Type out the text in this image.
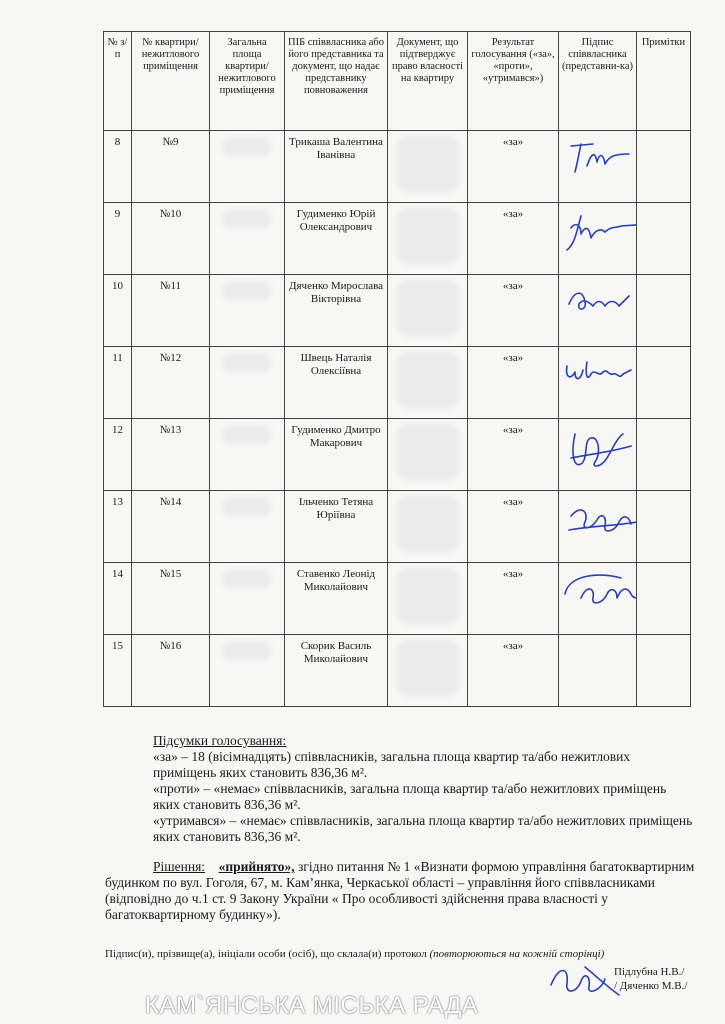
№ з/п	№ квартири/ нежитлового приміщення	Загальна площа квартири/ нежитлового приміщення	ПІБ співвласника або його представника та документ, що надає представнику повноваження	Документ, що підтверджує право власності на квартиру	Результат голосування («за», «проти», «утримався»)	Підпис співвласника (представни-ка)	Примітки
8	№9		Трикаша Валентина Іванівна		«за»	

9	№10		Гудименко Юрій Олександрович		«за»	

10	№11		Дяченко Мирослава Вікторівна		«за»	

11	№12		Швець Наталія Олексіївна		«за»	

12	№13		Гудименко Дмитро Макарович		«за»	

13	№14		Ільченко Тетяна Юріївна		«за»	

14	№15		Ставенко Леонід Миколайович		«за»	

15	№16		Скорик Василь Миколайович		«за»		

Підсумки голосування:

«за» – 18 (вісімнадцять) співвласників, загальна площа квартир та/або нежитлових приміщень яких становить 836,36 м².

«проти» – «немає» співвласників, загальна площа квартир та/або нежитлових приміщень яких становить 836,36 м².

«утримався» – «немає» співвласників, загальна площа квартир та/або нежитлових приміщень яких становить 836,36 м².

Рішення: «прийнято», згідно питання № 1 «Визнати формою управління багатоквартирним будинком по вул. Гоголя, 67, м. Кам’янка, Черкаської області – управління його співвласниками (відповідно до ч.1 ст. 9 Закону України « Про особливості здійснення права власності у багатоквартирному будинку»).

Підпис(и), прізвище(а), ініціали особи (осіб), що склала(и) протокол (повторюються на кожній сторінці)
Підлубна Н.В./
/ Дяченко М.В./
КАМ`ЯНСЬКА МІСЬКА РАДА
